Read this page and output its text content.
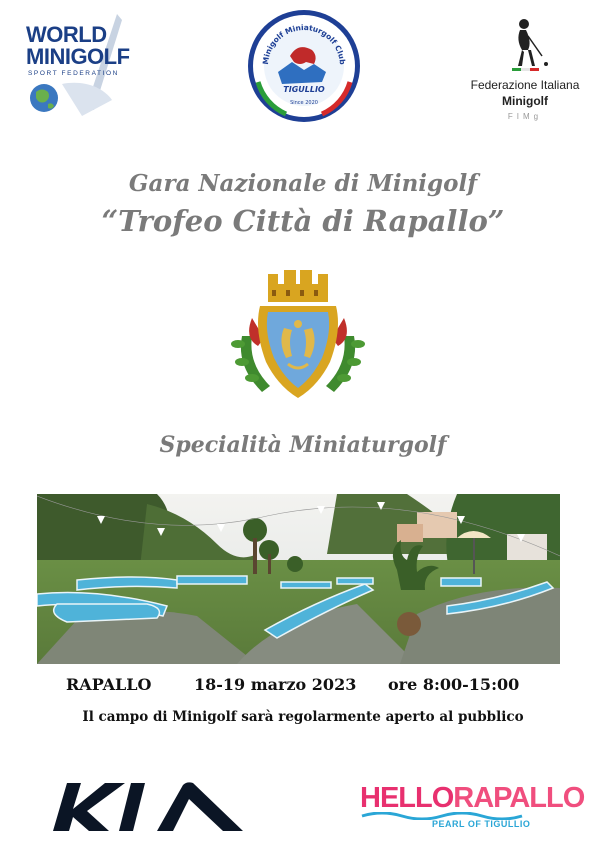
WORLD
MINIGOLF
SPORT FEDERATION
Minigolf Miniaturgolf Club
TIGULLIO
Since 2020
Federazione Italiana
Minigolf
FIMg
Gara Nazionale di Minigolf
“Trofeo Città di Rapallo”
Specialità Miniaturgolf
RAPALLO	18-19 marzo 2023 ore 8:00-15:00
Il campo di Minigolf sarà regolarmente aperto al pubblico
HELLORAPALLO
PEARL OF TIGULLIO
